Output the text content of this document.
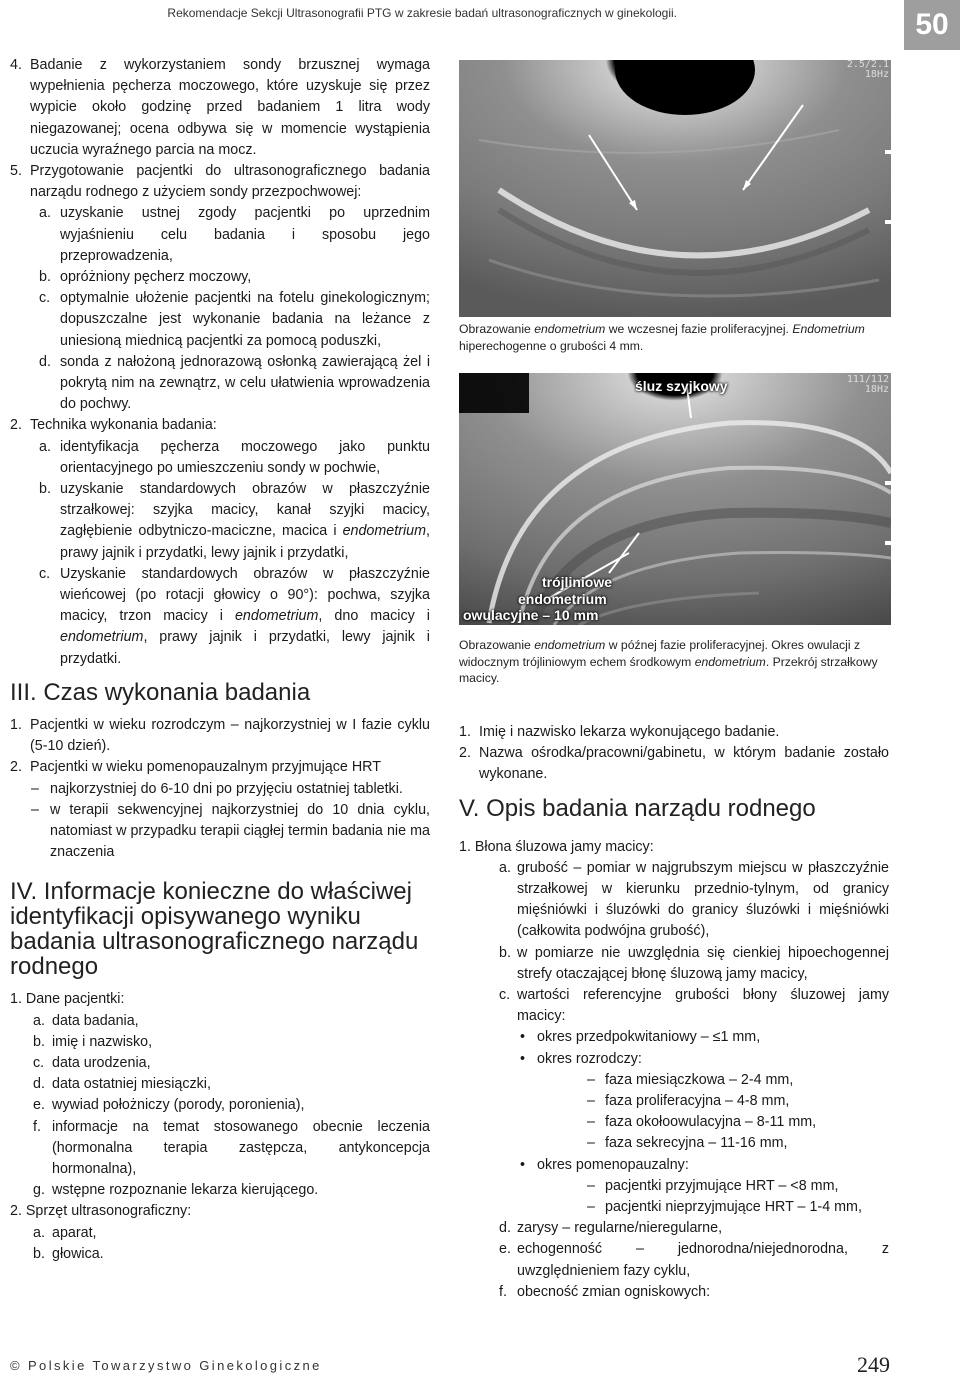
Rekomendacje Sekcji Ultrasonografii PTG w zakresie badań ultrasonograficznych w ginekologii.	50

4. Badanie z wykorzystaniem sondy brzusznej wymaga wypełnienia pęcherza moczowego, które uzyskuje się przez wypicie około godzinę przed badaniem 1 litra wody niegazowanej; ocena odbywa się w momencie wystąpienia uczucia wyraźnego parcia na mocz.

5. Przygotowanie pacjentki do ultrasonograficznego badania narządu rodnego z użyciem sondy przezpochwowej:

a. uzyskanie ustnej zgody pacjentki po uprzednim wyjaśnieniu celu badania i sposobu jego przeprowadzenia,

b. opróżniony pęcherz moczowy,

c. optymalnie ułożenie pacjentki na fotelu ginekologicznym; dopuszczalne jest wykonanie badania na leżance z uniesioną miednicą pacjentki za pomocą poduszki,

d. sonda z nałożoną jednorazową osłonką zawierającą żel i pokrytą nim na zewnątrz, w celu ułatwienia wprowadzenia do pochwy.

2. Technika wykonania badania:

a. identyfikacja pęcherza moczowego jako punktu orientacyjnego po umieszczeniu sondy w pochwie,

b. uzyskanie standardowych obrazów w płaszczyźnie strzałkowej: szyjka macicy, kanał szyjki macicy, zagłębienie odbytniczo-maciczne, macica i endometrium, prawy jajnik i przydatki, lewy jajnik i przydatki,

c. Uzyskanie standardowych obrazów w płaszczyźnie wieńcowej (po rotacji głowicy o 90°): pochwa, szyjka macicy, trzon macicy i endometrium, dno macicy i endometrium, prawy jajnik i przydatki, lewy jajnik i przydatki.

III. Czas wykonania badania

1. Pacjentki w wieku rozrodczym – najkorzystniej w I fazie cyklu (5-10 dzień).

2. Pacjentki w wieku pomenopauzalnym przyjmujące HRT

– najkorzystniej do 6-10 dni po przyjęciu ostatniej tabletki.

– w terapii sekwencyjnej najkorzystniej do 10 dnia cyklu, natomiast w przypadku terapii ciągłej termin badania nie ma znaczenia

IV. Informacje konieczne do właściwej identyfikacji opisywanego wyniku badania ultrasonograficznego narządu rodnego

1. Dane pacjentki:

a. data badania,

b. imię i nazwisko,

c. data urodzenia,

d. data ostatniej miesiączki,

e. wywiad położniczy (porody, poronienia),

f. informacje na temat stosowanego obecnie leczenia (hormonalna terapia zastępcza, antykoncepcja hormonalna),

g. wstępne rozpoznanie lekarza kierującego.

2. Sprzęt ultrasonograficzny:

a. aparat,

b. głowica.

2.5/2.1
18Hz
Obrazowanie endometrium we wczesnej fazie proliferacyjnej. Endometrium hiperechogenne o grubości 4 mm.
111/112
18Hz
śluz szyjkowy
trójliniowe
endometrium
owulacyjne – 10 mm
Obrazowanie endometrium w późnej fazie proliferacyjnej. Okres owulacji z widocznym trójliniowym echem środkowym endometrium. Przekrój strzałkowy macicy.

1. Imię i nazwisko lekarza wykonującego badanie.

2. Nazwa ośrodka/pracowni/gabinetu, w którym badanie zostało wykonane.

V. Opis badania narządu rodnego

1. Błona śluzowa jamy macicy:

a. grubość – pomiar w najgrubszym miejscu w płaszczyźnie strzałkowej w kierunku przednio-tylnym, od granicy mięśniówki i śluzówki do granicy śluzówki i mięśniówki (całkowita podwójna grubość),

b. w pomiarze nie uwzględnia się cienkiej hipoechogennej strefy otaczającej błonę śluzową jamy macicy,

c. wartości referencyjne grubości błony śluzowej jamy macicy:

• okres przedpokwitaniowy – ≤1 mm,

• okres rozrodczy:

– faza miesiączkowa – 2-4 mm,

– faza proliferacyjna – 4-8 mm,

– faza okołoowulacyjna – 8-11 mm,

– faza sekrecyjna – 11-16 mm,

• okres pomenopauzalny:

– pacjentki przyjmujące HRT – <8 mm,

– pacjentki nieprzyjmujące HRT – 1-4 mm,

d. zarysy – regularne/nieregularne,

e. echogenność – jednorodna/niejednorodna, z uwzględnieniem fazy cyklu,

f. obecność zmian ogniskowych:

© Polskie Towarzystwo Ginekologiczne	249
